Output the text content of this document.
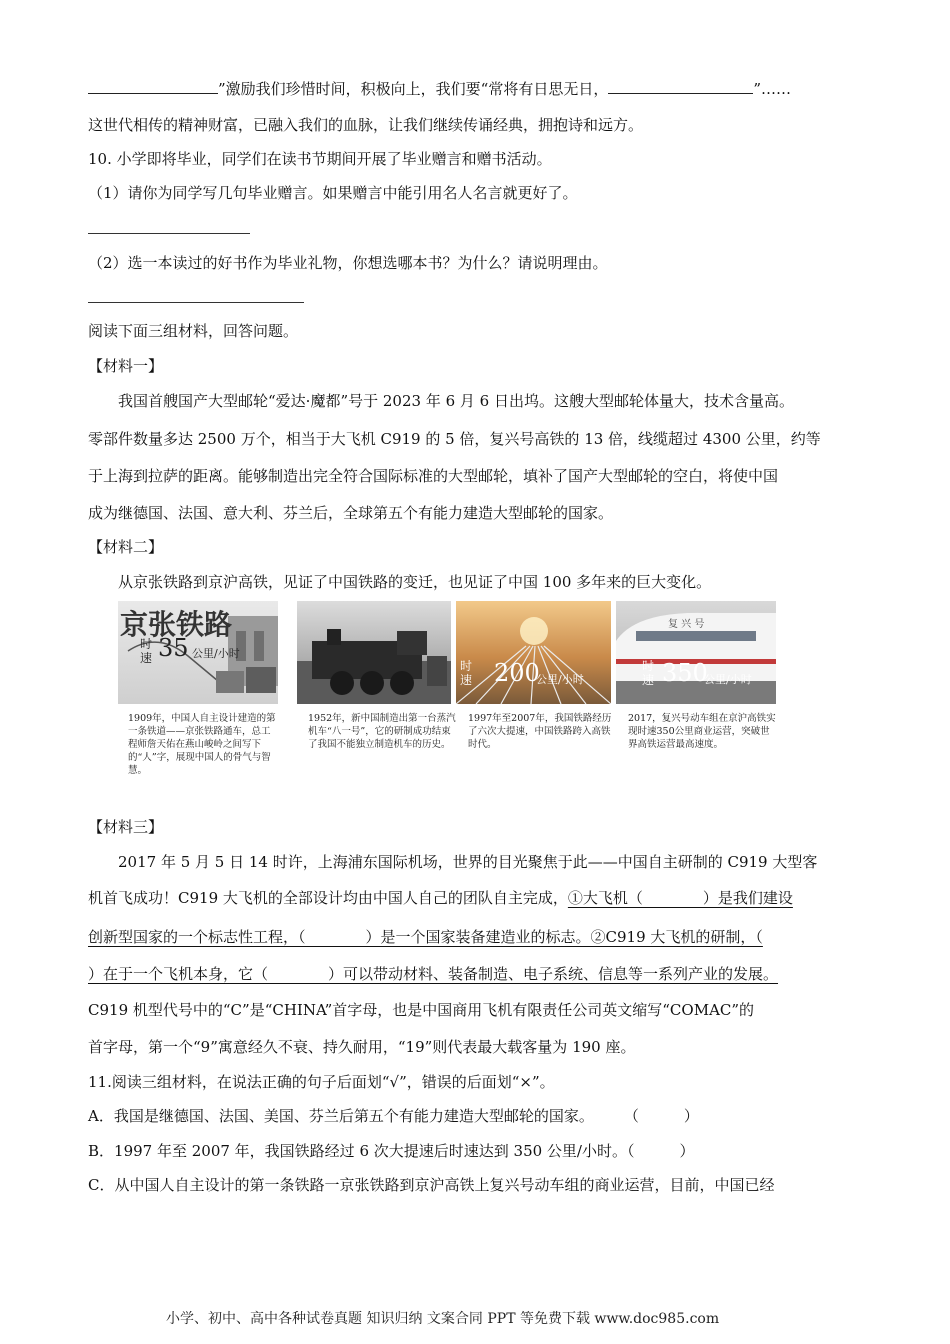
”激励我们珍惜时间，积极向上，我们要“常将有日思无日，	”……
这世代相传的精神财富，已融入我们的血脉，让我们继续传诵经典，拥抱诗和远方。
10. 小学即将毕业，同学们在读书节期间开展了毕业赠言和赠书活动。
（1）请你为同学写几句毕业赠言。如果赠言中能引用名人名言就更好了。
（2）选一本读过的好书作为毕业礼物，你想选哪本书？为什么？请说明理由。
阅读下面三组材料，回答问题。
【材料一】
我国首艘国产大型邮轮“爱达·魔都”号于 2023 年 6 月 6 日出坞。这艘大型邮轮体量大，技术含量高。
零部件数量多达 2500 万个，相当于大飞机 C919 的 5 倍，复兴号高铁的 13 倍，线缆超过 4300 公里，约等
于上海到拉萨的距离。能够制造出完全符合国际标准的大型邮轮，填补了国产大型邮轮的空白，将使中国
成为继德国、法国、意大利、芬兰后，全球第五个有能力建造大型邮轮的国家。
【材料二】
从京张铁路到京沪高铁，见证了中国铁路的变迁，也见证了中国 100 多年来的巨大变化。
京张铁路
时
速 35 公里/小时
1909年，中国人自主设计建造的第一条铁道——京张铁路通车，总工程师詹天佑在燕山峻岭之间写下的“人”字，展现中国人的骨气与智慧。
1952年，新中国制造出第一台蒸汽机车“八一号”，它的研制成功结束了我国不能独立制造机车的历史。
时
速 200
公里/小时
1997年至2007年，我国铁路经历了六次大提速，中国铁路跨入高铁时代。
复 兴 号
时
速 350
公里/小时
2017，复兴号动车组在京沪高铁实现时速350公里商业运营，突破世界高铁运营最高速度。
【材料三】
2017 年 5 月 5 日 14 时许，上海浦东国际机场，世界的目光聚焦于此——中国自主研制的 C919 大型客
机首飞成功！C919 大飞机的全部设计均由中国人自己的团队自主完成，①大飞机（　　　　）是我们建设
创新型国家的一个标志性工程，（　　　　）是一个国家装备建造业的标志。②C919 大飞机的研制，（
）在于一个飞机本身，它（　　　　）可以带动材料、装备制造、电子系统、信息等一系列产业的发展。
C919 机型代号中的“C”是“CHINA”首字母，也是中国商用飞机有限责任公司英文缩写“COMAC”的
首字母，第一个“9”寓意经久不衰、持久耐用，“19”则代表最大载客量为 190 座。
11.阅读三组材料，在说法正确的句子后面划“√”，错误的后面划“×”。
A．我国是继德国、法国、美国、芬兰后第五个有能力建造大型邮轮的国家。　　　（　　　）
B．1997 年至 2007 年，我国铁路经过 6 次大提速后时速达到 350 公里/小时。（　　　）
C．从中国人自主设计的第一条铁路一京张铁路到京沪高铁上复兴号动车组的商业运营，目前，中国已经
小学、初中、高中各种试卷真题 知识归纳 文案合同 PPT 等免费下载 www.doc985.com
